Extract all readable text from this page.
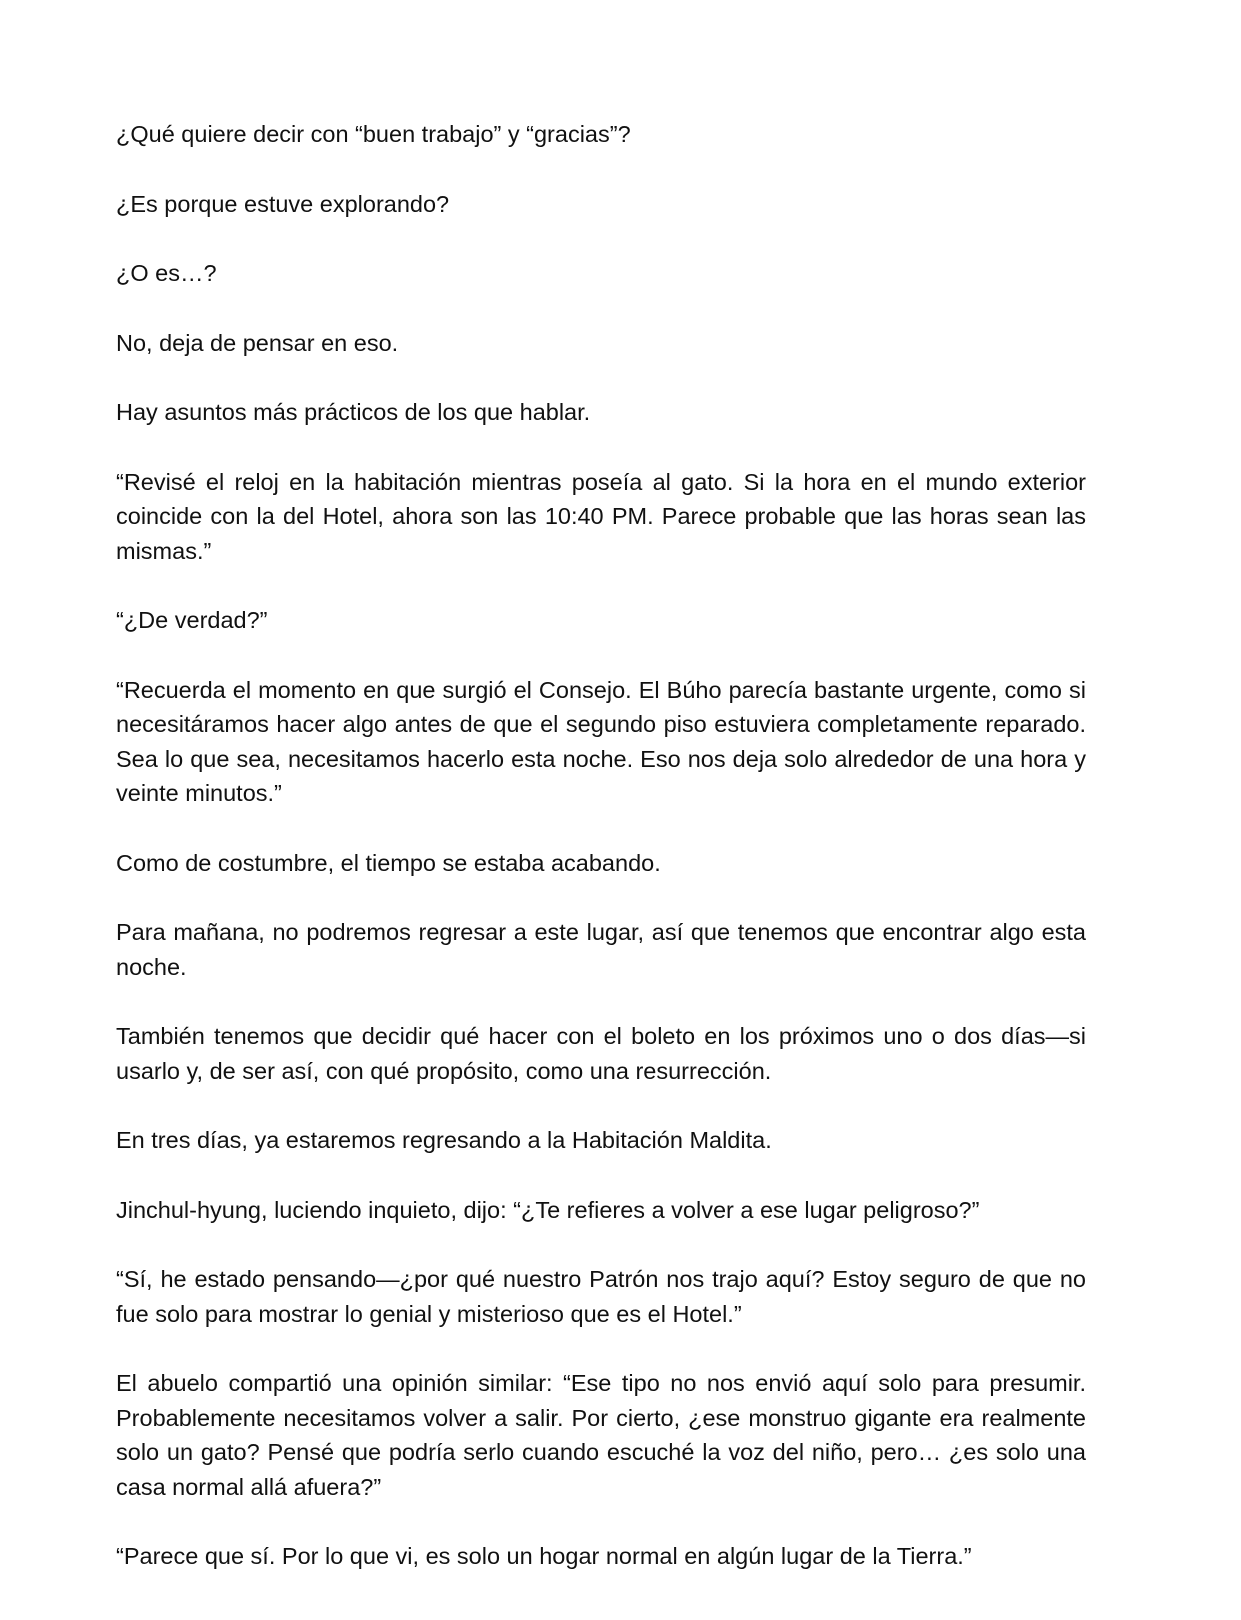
¿Qué quiere decir con “buen trabajo” y “gracias”?

¿Es porque estuve explorando?

¿O es…?

No, deja de pensar en eso.

Hay asuntos más prácticos de los que hablar.

“Revisé el reloj en la habitación mientras poseía al gato. Si la hora en el mundo exterior coincide con la del Hotel, ahora son las 10:40 PM. Parece probable que las horas sean las mismas.”

“¿De verdad?”

“Recuerda el momento en que surgió el Consejo. El Búho parecía bastante urgente, como si necesitáramos hacer algo antes de que el segundo piso estuviera completamente reparado. Sea lo que sea, necesitamos hacerlo esta noche. Eso nos deja solo alrededor de una hora y veinte minutos.”

Como de costumbre, el tiempo se estaba acabando.

Para mañana, no podremos regresar a este lugar, así que tenemos que encontrar algo esta noche.

También tenemos que decidir qué hacer con el boleto en los próximos uno o dos días—si usarlo y, de ser así, con qué propósito, como una resurrección.

En tres días, ya estaremos regresando a la Habitación Maldita.

Jinchul-hyung, luciendo inquieto, dijo: “¿Te refieres a volver a ese lugar peligroso?”

“Sí, he estado pensando—¿por qué nuestro Patrón nos trajo aquí? Estoy seguro de que no fue solo para mostrar lo genial y misterioso que es el Hotel.”

El abuelo compartió una opinión similar: “Ese tipo no nos envió aquí solo para presumir. Probablemente necesitamos volver a salir. Por cierto, ¿ese monstruo gigante era realmente solo un gato? Pensé que podría serlo cuando escuché la voz del niño, pero… ¿es solo una casa normal allá afuera?”

“Parece que sí. Por lo que vi, es solo un hogar normal en algún lugar de la Tierra.”
